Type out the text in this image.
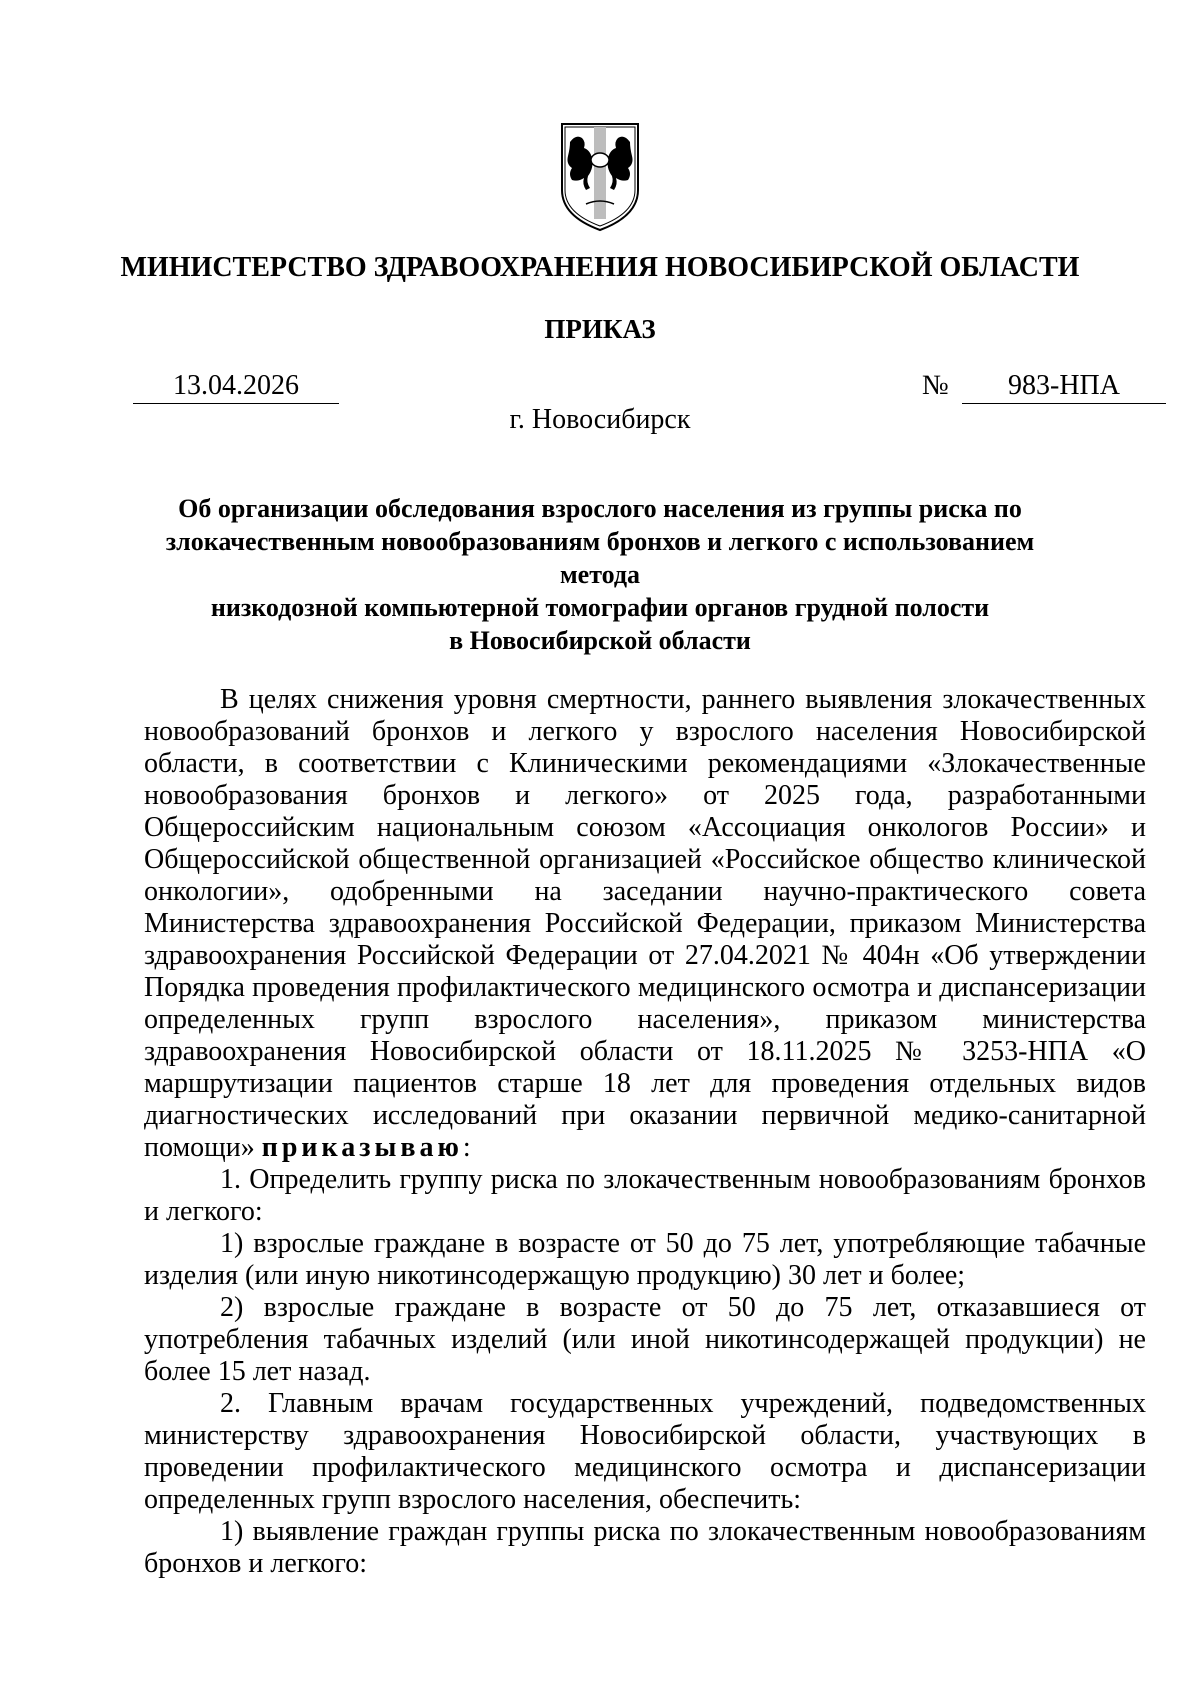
МИНИСТЕРСТВО ЗДРАВООХРАНЕНИЯ НОВОСИБИРСКОЙ ОБЛАСТИ
ПРИКАЗ
13.04.2026	№	983-НПА
г. Новосибирск
Об организации обследования взрослого населения из группы риска по
злокачественным новообразованиям бронхов и легкого с использованием метода
низкодозной компьютерной томографии органов грудной полости
в Новосибирской области

В целях снижения уровня смертности, раннего выявления злокачественных новообразований бронхов и легкого у взрослого населения Новосибирской области, в соответствии с Клиническими рекомендациями «Злокачественные новообразования бронхов и легкого» от 2025 года, разработанными Общероссийским национальным союзом «Ассоциация онкологов России» и Общероссийской общественной организацией «Российское общество клинической онкологии», одобренными на заседании научно-практического совета Министерства здравоохранения Российской Федерации, приказом Министерства здравоохранения Российской Федерации от 27.04.2021 № 404н «Об утверждении Порядка проведения профилактического медицинского осмотра и диспансеризации определенных групп взрослого населения», приказом министерства здравоохранения Новосибирской области от 18.11.2025 № 3253-НПА «О маршрутизации пациентов старше 18 лет для проведения отдельных видов диагностических исследований при оказании первичной медико-санитарной помощи» приказываю:

1. Определить группу риска по злокачественным новообразованиям бронхов и легкого:

1) взрослые граждане в возрасте от 50 до 75 лет, употребляющие табачные изделия (или иную никотинсодержащую продукцию) 30 лет и более;

2) взрослые граждане в возрасте от 50 до 75 лет, отказавшиеся от употребления табачных изделий (или иной никотинсодержащей продукции) не более 15 лет назад.

2. Главным врачам государственных учреждений, подведомственных министерству здравоохранения Новосибирской области, участвующих в проведении профилактического медицинского осмотра и диспансеризации определенных групп взрослого населения, обеспечить:

1) выявление граждан группы риска по злокачественным новообразованиям бронхов и легкого:
